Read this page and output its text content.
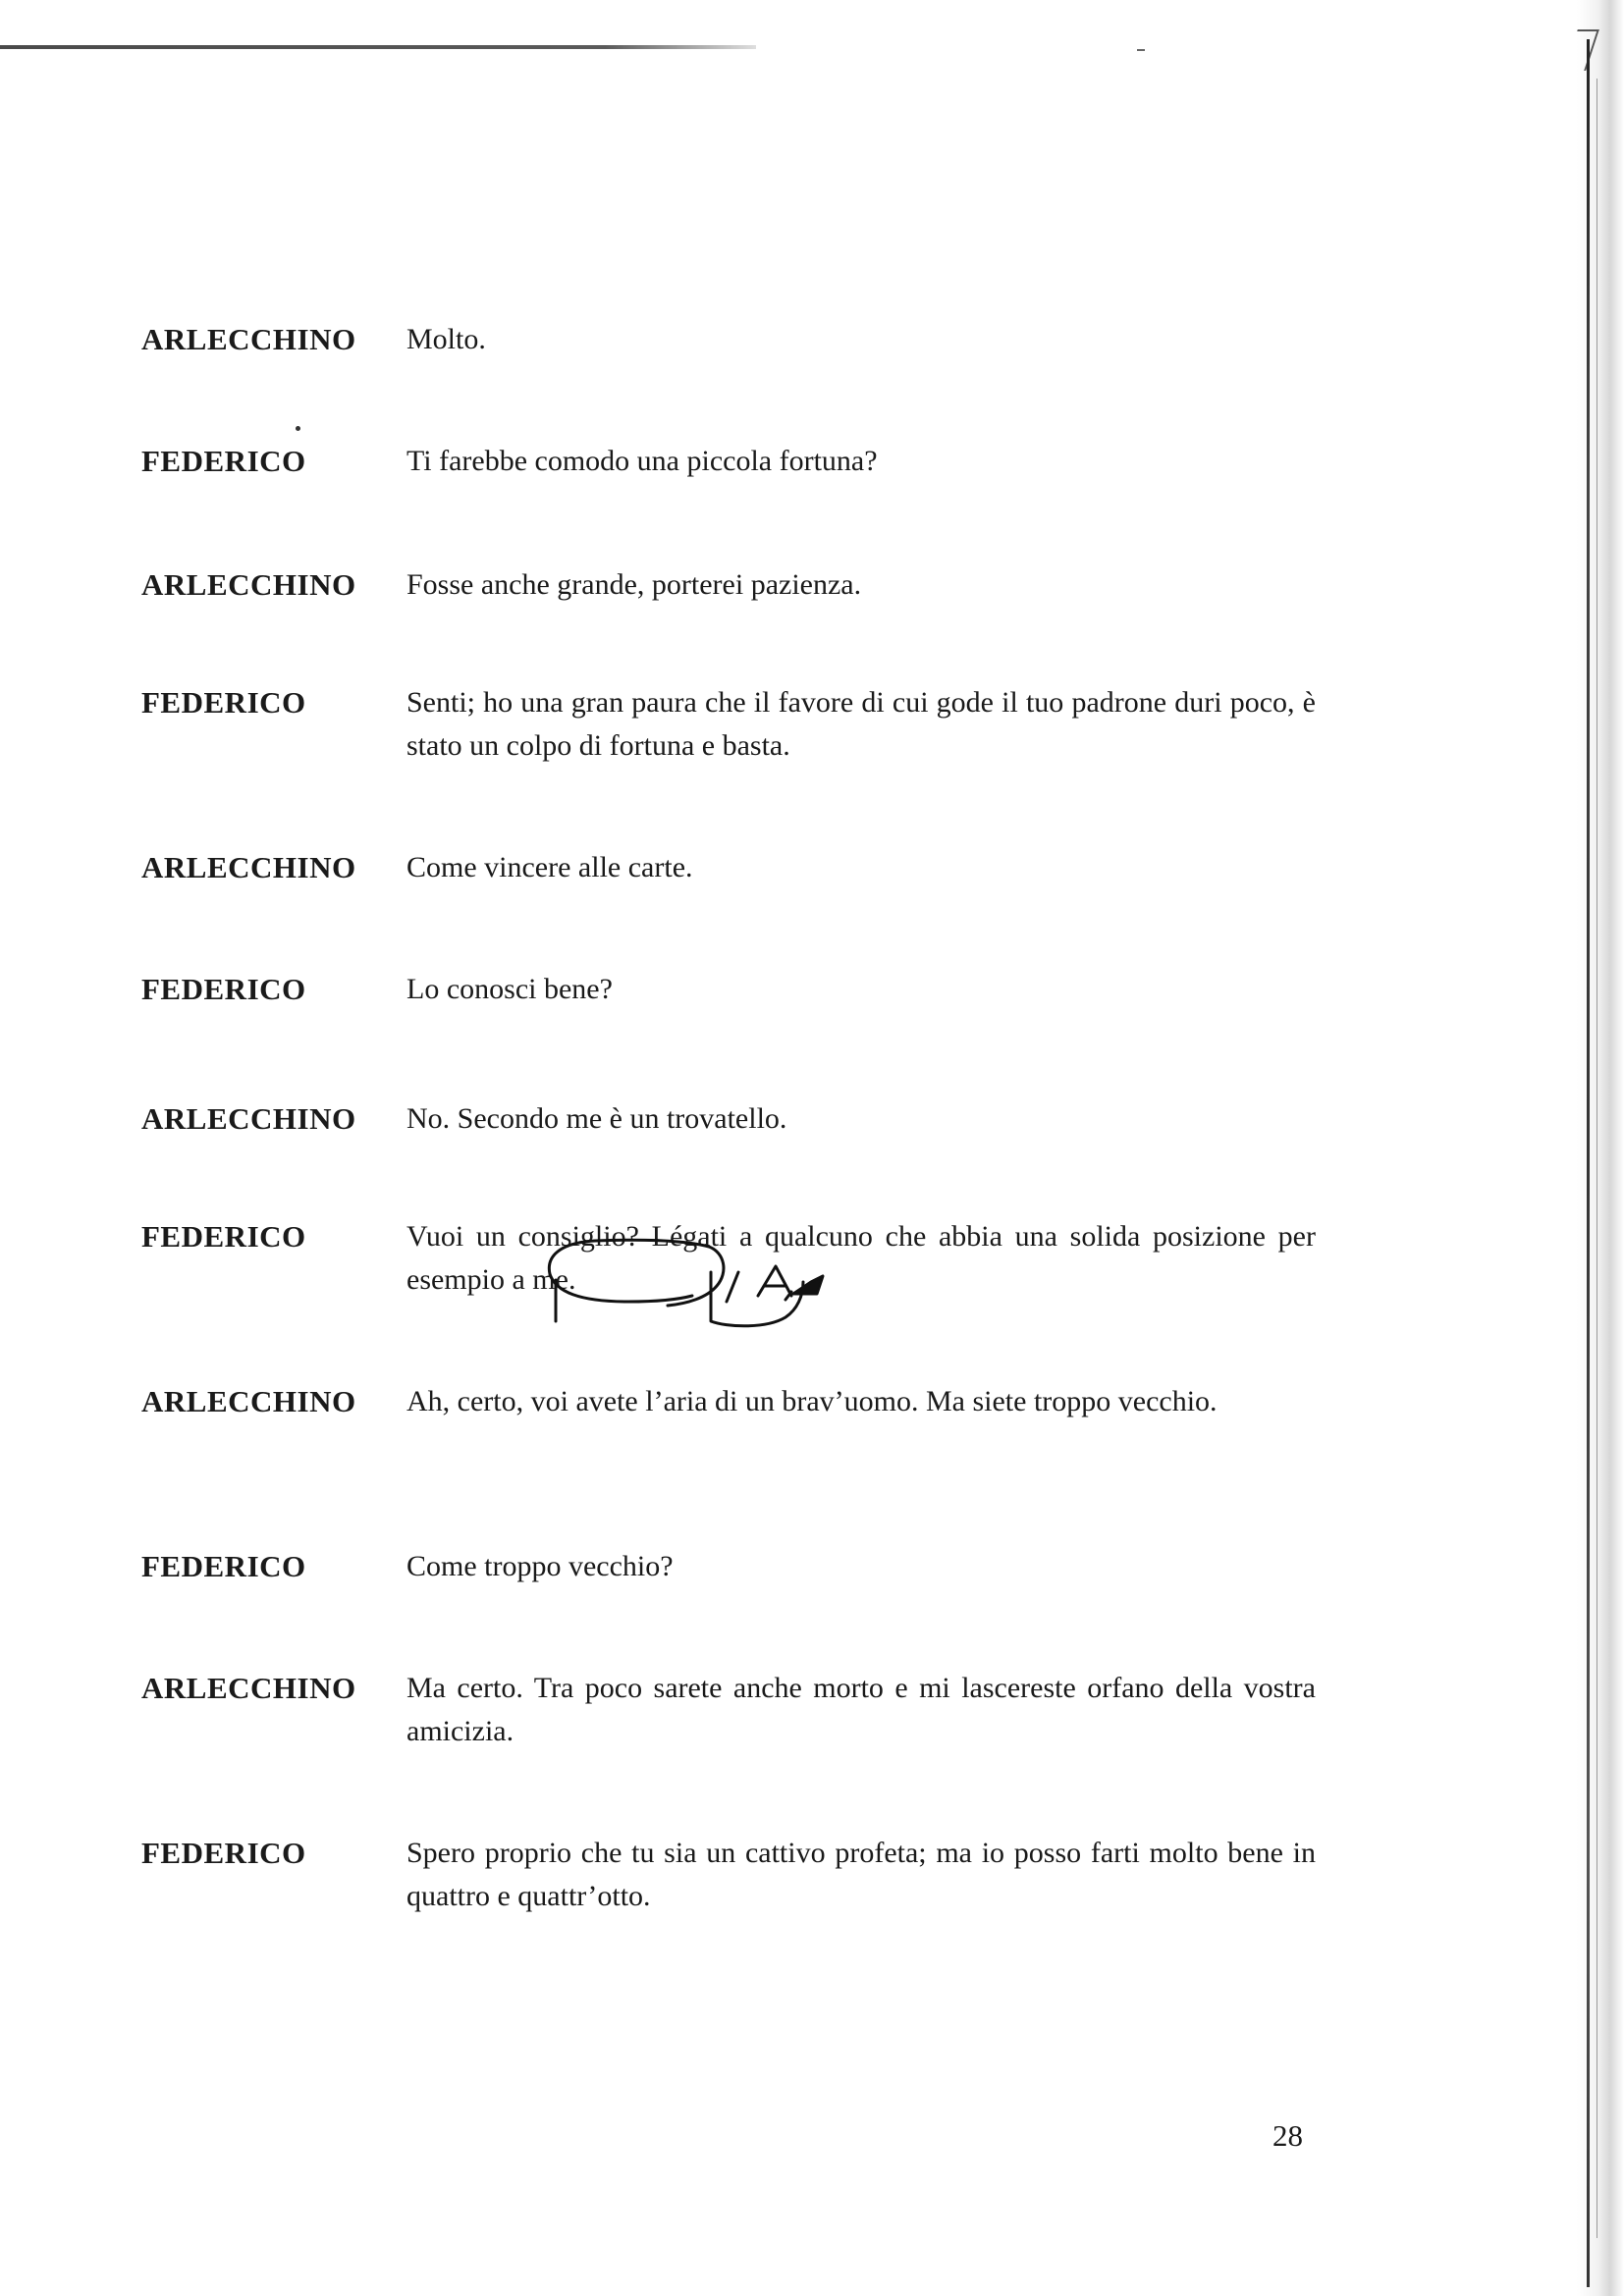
ARLECCHINO	Molto.
FEDERICO	Ti farebbe comodo una piccola fortuna?
ARLECCHINO	Fosse anche grande, porterei pazienza.
FEDERICO	Senti; ho una gran paura che il favore di cui gode il tuo padrone duri poco, è stato un colpo di fortuna e basta.
ARLECCHINO	Come vincere alle carte.
FEDERICO	Lo conosci bene?
ARLECCHINO	No. Secondo me è un trovatello.
FEDERICO	Vuoi un consiglio? Légati a qualcuno che abbia una solida posizione per esempio a me.
ARLECCHINO	Ah, certo, voi avete l’aria di un brav’uomo. Ma siete troppo vecchio.
FEDERICO	Come troppo vecchio?
ARLECCHINO	Ma certo. Tra poco sarete anche morto e mi lascereste orfano della vostra amicizia.
FEDERICO	Spero proprio che tu sia un cattivo profeta; ma io posso farti molto bene in quattro e quattr’otto.
28
